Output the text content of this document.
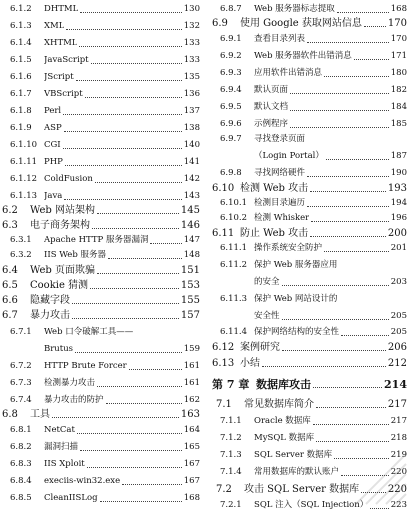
6.1.2	DHTML	130
6.1.3	XML	132
6.1.4	XHTML	133
6.1.5	JavaScript	133
6.1.6	JScript	135
6.1.7	VBScript	136
6.1.8	Perl	137
6.1.9	ASP	138
6.1.10 CGI	140
6.1.11 PHP	141
6.1.12 ColdFusion	142
6.1.13 Java	143
6.2	Web 网站架构	145
6.3	电子商务架构	146
6.3.1	Apache HTTP 服务器漏洞	147
6.3.2	IIS Web 服务器	148
6.4	Web 页面欺骗	151
6.5	Cookie 猜测	153
6.6	隐藏字段	155
6.7	暴力攻击	157
6.7.1	Web 口令破解工具——
Brutus	159
6.7.2	HTTP Brute Forcer	161
6.7.3	检测暴力攻击	161
6.7.4	暴力攻击的防护	162
6.8	工具	163
6.8.1	NetCat	164
6.8.2	漏洞扫描	165
6.8.3	IIS Xploit	167
6.8.4	execiis-win32.exe	167
6.8.5	CleanIISLog	168
6.8.7	Web 服务器标志提取	168
6.9	使用 Google 获取网站信息	170
6.9.1	查看目录列表	170
6.9.2	Web 服务器软件出错消息	171
6.9.3	应用软件出错消息	180
6.9.4	默认页面	182
6.9.5	默认文档	184
6.9.6	示例程序	185
6.9.7	寻找登录页面
（Login Portal）	187
6.9.8	寻找网络硬件	190
6.10 检测 Web 攻击	193
6.10.1 检测目录遍历	194
6.10.2 检测 Whisker	196
6.11 防止 Web 攻击	200
6.11.1 操作系统安全防护	201
6.11.2 保护 Web 服务器应用
的安全	203
6.11.3 保护 Web 网站设计的
安全性	205
6.11.4 保护网络结构的安全性	205
6.12 案例研究	206
6.13 小结	212
第 7 章 数据库攻击	214
7.1	常见数据库简介	217
7.1.1	Oracle 数据库	217
7.1.2	MySQL 数据库	218
7.1.3	SQL Server 数据库	219
7.1.4	常用数据库的默认账户	220
7.2	攻击 SQL Server 数据库	220
7.2.1	SQL 注入（SQL Injection）	223
